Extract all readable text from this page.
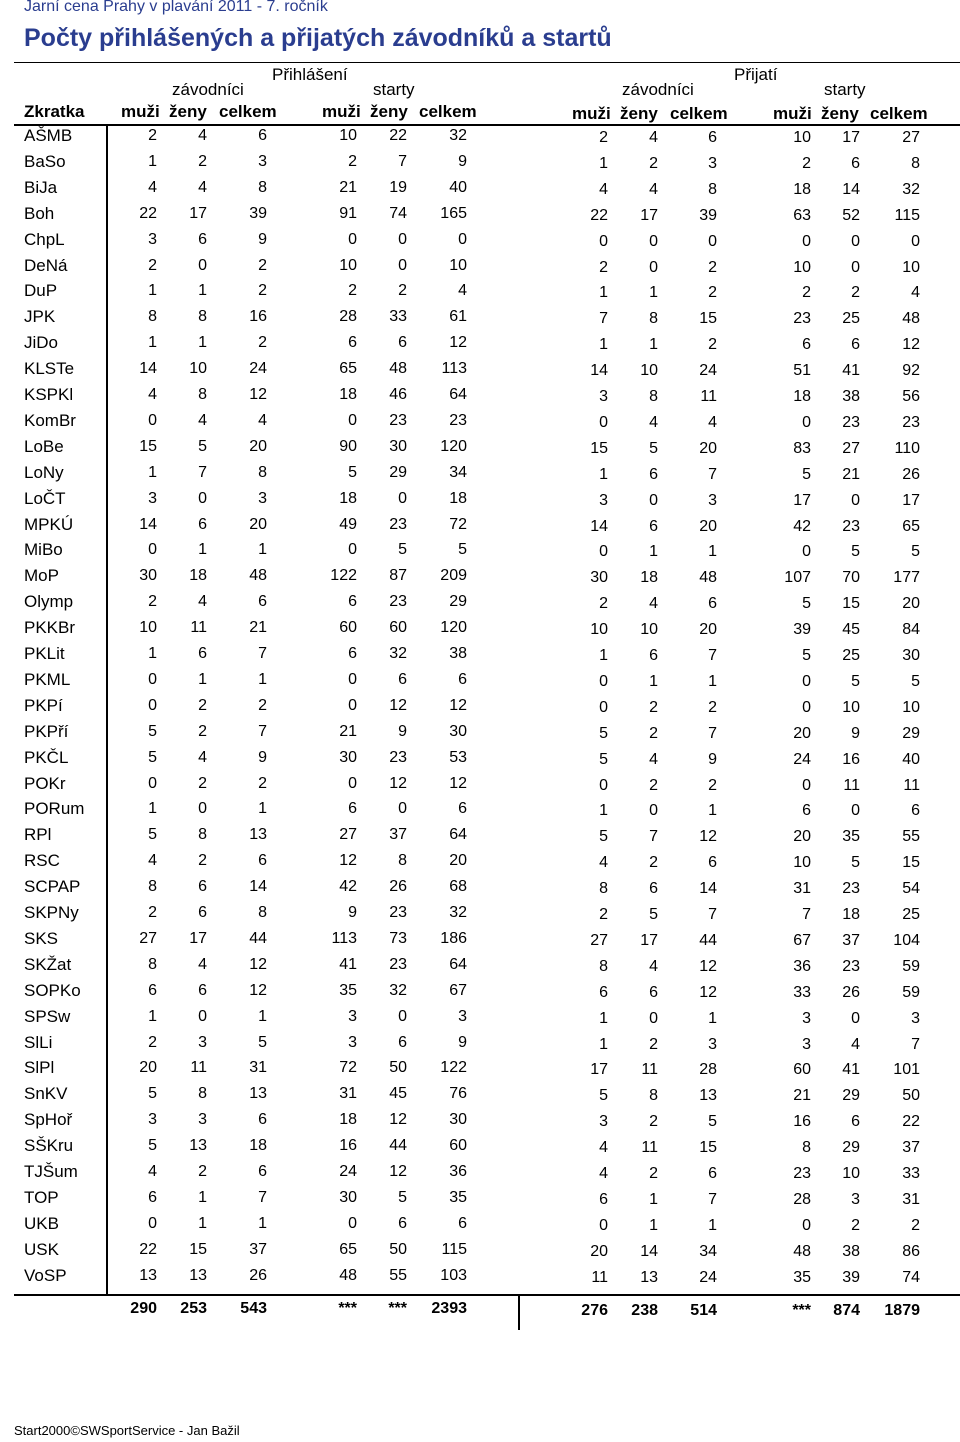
Jarní cena Prahy v plavání 2011 - 7. ročník
Počty přihlášených a přijatých závodníků a startů
Přihlášení	Přijatí
závodníci	starty	závodníci	starty
Zkratka muži ženy celkem	muži ženy celkem	muži ženy celkem	muži ženy celkem
AŠMB	2	4	6	10	22	32	2	4	6	10	17	27
BaSo	1	2	3	2	7	9	1	2	3	2	6	8
BiJa	4	4	8	21	19	40	4	4	8	18	14	32
Boh	22	17	39	91	74	165	22	17	39	63	52	115
ChpL	3	6	9	0	0	0	0	0	0	0	0	0
DeNá	2	0	2	10	0	10	2	0	2	10	0	10
DuP	1	1	2	2	2	4	1	1	2	2	2	4
JPK	8	8	16	28	33	61	7	8	15	23	25	48
JiDo	1	1	2	6	6	12	1	1	2	6	6	12
KLSTe	14	10	24	65	48	113	14	10	24	51	41	92
KSPKl	4	8	12	18	46	64	3	8	11	18	38	56
KomBr	0	4	4	0	23	23	0	4	4	0	23	23
LoBe	15	5	20	90	30	120	15	5	20	83	27	110
LoNy	1	7	8	5	29	34	1	6	7	5	21	26
LoČT	3	0	3	18	0	18	3	0	3	17	0	17
MPKÚ	14	6	20	49	23	72	14	6	20	42	23	65
MiBo	0	1	1	0	5	5	0	1	1	0	5	5
MoP	30	18	48	122	87	209	30	18	48	107	70	177
Olymp	2	4	6	6	23	29	2	4	6	5	15	20
PKKBr	10	11	21	60	60	120	10	10	20	39	45	84
PKLit	1	6	7	6	32	38	1	6	7	5	25	30
PKML	0	1	1	0	6	6	0	1	1	0	5	5
PKPí	0	2	2	0	12	12	0	2	2	0	10	10
PKPří	5	2	7	21	9	30	5	2	7	20	9	29
PKČL	5	4	9	30	23	53	5	4	9	24	16	40
POKr	0	2	2	0	12	12	0	2	2	0	11	11
PORum	1	0	1	6	0	6	1	0	1	6	0	6
RPl	5	8	13	27	37	64	5	7	12	20	35	55
RSC	4	2	6	12	8	20	4	2	6	10	5	15
SCPAP	8	6	14	42	26	68	8	6	14	31	23	54
SKPNy	2	6	8	9	23	32	2	5	7	7	18	25
SKS	27	17	44	113	73	186	27	17	44	67	37	104
SKŽat	8	4	12	41	23	64	8	4	12	36	23	59
SOPKo	6	6	12	35	32	67	6	6	12	33	26	59
SPSw	1	0	1	3	0	3	1	0	1	3	0	3
SlLi	2	3	5	3	6	9	1	2	3	3	4	7
SlPl	20	11	31	72	50	122	17	11	28	60	41	101
SnKV	5	8	13	31	45	76	5	8	13	21	29	50
SpHoř	3	3	6	18	12	30	3	2	5	16	6	22
SŠKru	5	13	18	16	44	60	4	11	15	8	29	37
TJŠum	4	2	6	24	12	36	4	2	6	23	10	33
TOP	6	1	7	30	5	35	6	1	7	28	3	31
UKB	0	1	1	0	6	6	0	1	1	0	2	2
USK	22	15	37	65	50	115	20	14	34	48	38	86
VoSP	13	13	26	48	55	103	11	13	24	35	39	74
290	253	543	***	***	2393	276	238	514	***	874	1879
Start2000©SWSportService - Jan Bažil
